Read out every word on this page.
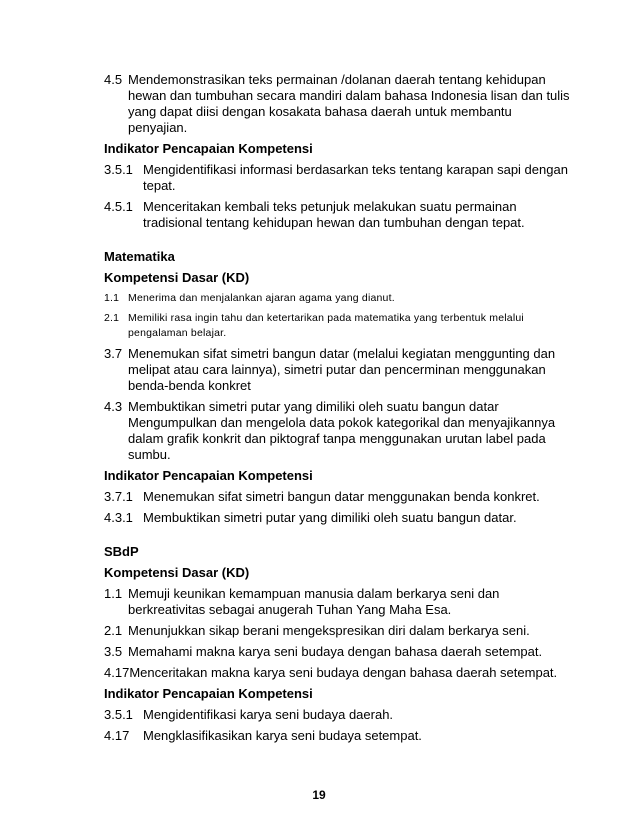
4.5 Mendemonstrasikan teks permainan /dolanan daerah tentang kehidupan hewan dan tumbuhan secara mandiri dalam bahasa Indonesia lisan dan tulis yang dapat diisi dengan kosakata bahasa daerah untuk membantu penyajian.
Indikator Pencapaian Kompetensi
3.5.1 Mengidentifikasi informasi berdasarkan teks tentang karapan sapi dengan tepat.
4.5.1 Menceritakan kembali teks petunjuk melakukan suatu permainan tradisional tentang kehidupan hewan dan tumbuhan dengan tepat.
Matematika
Kompetensi Dasar (KD)
1.1 Menerima dan menjalankan ajaran agama yang dianut.
2.1 Memiliki rasa ingin tahu dan ketertarikan pada matematika yang terbentuk melalui pengalaman belajar.
3.7 Menemukan sifat simetri bangun datar (melalui kegiatan menggunting dan melipat atau cara lainnya), simetri putar dan pencerminan menggunakan benda-benda konkret
4.3 Membuktikan simetri putar yang dimiliki oleh suatu bangun datar Mengumpulkan dan mengelola data pokok kategorikal dan menyajikannya dalam grafik konkrit dan piktograf tanpa menggunakan urutan label pada sumbu.
Indikator Pencapaian Kompetensi
3.7.1 Menemukan sifat simetri bangun datar menggunakan benda konkret.
4.3.1 Membuktikan simetri putar yang dimiliki oleh suatu bangun datar.
SBdP
Kompetensi Dasar (KD)
1.1 Memuji keunikan kemampuan manusia dalam berkarya seni dan berkreativitas sebagai anugerah Tuhan Yang Maha Esa.
2.1 Menunjukkan sikap berani mengekspresikan diri dalam berkarya seni.
3.5 Memahami makna karya seni budaya dengan bahasa daerah setempat.
4.17 Menceritakan makna karya seni budaya dengan bahasa daerah setempat.
Indikator Pencapaian Kompetensi
3.5.1 Mengidentifikasi karya seni budaya daerah.
4.17	Mengklasifikasikan karya seni budaya setempat.
19
